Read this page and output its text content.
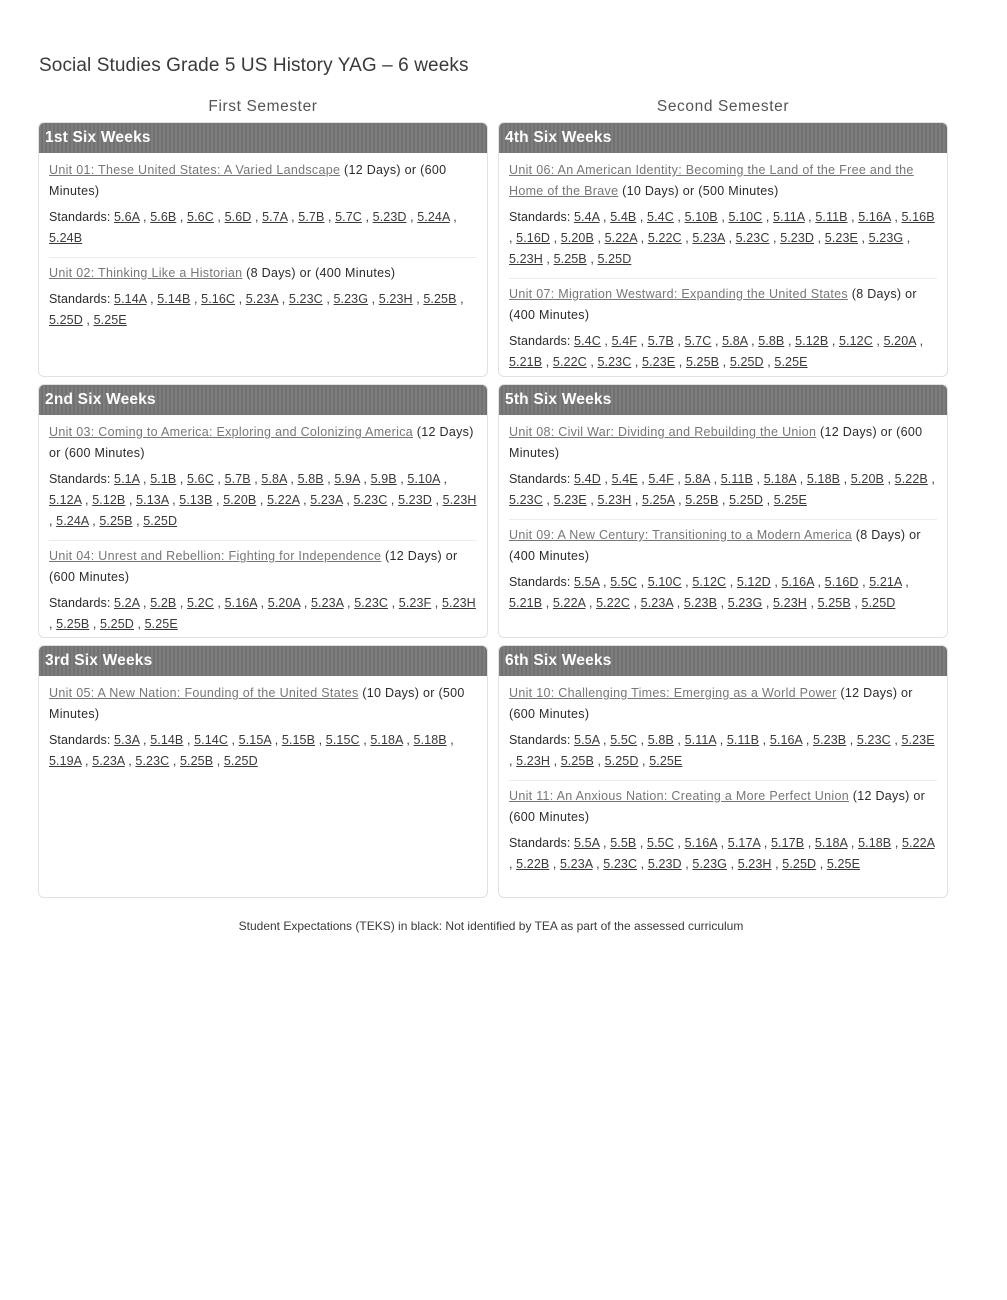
Social Studies Grade 5 US History YAG – 6 weeks
First Semester	Second Semester
1st Six Weeks
Unit 01: These United States: A Varied Landscape (12 Days) or (600 Minutes)
Standards: 5.6A , 5.6B , 5.6C , 5.6D , 5.7A , 5.7B , 5.7C , 5.23D , 5.24A , 5.24B
Unit 02: Thinking Like a Historian (8 Days) or (400 Minutes)
Standards: 5.14A , 5.14B , 5.16C , 5.23A , 5.23C , 5.23G , 5.23H , 5.25B , 5.25D , 5.25E
4th Six Weeks
Unit 06: An American Identity: Becoming the Land of the Free and the Home of the Brave (10 Days) or (500 Minutes)
Standards: 5.4A , 5.4B , 5.4C , 5.10B , 5.10C , 5.11A , 5.11B , 5.16A , 5.16B , 5.16D , 5.20B , 5.22A , 5.22C , 5.23A , 5.23C , 5.23D , 5.23E , 5.23G , 5.23H , 5.25B , 5.25D
Unit 07: Migration Westward: Expanding the United States (8 Days) or (400 Minutes)
Standards: 5.4C , 5.4F , 5.7B , 5.7C , 5.8A , 5.8B , 5.12B , 5.12C , 5.20A , 5.21B , 5.22C , 5.23C , 5.23E , 5.25B , 5.25D , 5.25E
2nd Six Weeks
Unit 03: Coming to America: Exploring and Colonizing America (12 Days) or (600 Minutes)
Standards: 5.1A , 5.1B , 5.6C , 5.7B , 5.8A , 5.8B , 5.9A , 5.9B , 5.10A , 5.12A , 5.12B , 5.13A , 5.13B , 5.20B , 5.22A , 5.23A , 5.23C , 5.23D , 5.23H , 5.24A , 5.25B , 5.25D
Unit 04: Unrest and Rebellion: Fighting for Independence (12 Days) or (600 Minutes)
Standards: 5.2A , 5.2B , 5.2C , 5.16A , 5.20A , 5.23A , 5.23C , 5.23F , 5.23H , 5.25B , 5.25D , 5.25E
5th Six Weeks
Unit 08: Civil War: Dividing and Rebuilding the Union (12 Days) or (600 Minutes)
Standards: 5.4D , 5.4E , 5.4F , 5.8A , 5.11B , 5.18A , 5.18B , 5.20B , 5.22B , 5.23C , 5.23E , 5.23H , 5.25A , 5.25B , 5.25D , 5.25E
Unit 09: A New Century: Transitioning to a Modern America (8 Days) or (400 Minutes)
Standards: 5.5A , 5.5C , 5.10C , 5.12C , 5.12D , 5.16A , 5.16D , 5.21A , 5.21B , 5.22A , 5.22C , 5.23A , 5.23B , 5.23G , 5.23H , 5.25B , 5.25D
3rd Six Weeks
Unit 05: A New Nation: Founding of the United States (10 Days) or (500 Minutes)
Standards: 5.3A , 5.14B , 5.14C , 5.15A , 5.15B , 5.15C , 5.18A , 5.18B , 5.19A , 5.23A , 5.23C , 5.25B , 5.25D
6th Six Weeks
Unit 10: Challenging Times: Emerging as a World Power (12 Days) or (600 Minutes)
Standards: 5.5A , 5.5C , 5.8B , 5.11A , 5.11B , 5.16A , 5.23B , 5.23C , 5.23E , 5.23H , 5.25B , 5.25D , 5.25E
Unit 11: An Anxious Nation: Creating a More Perfect Union (12 Days) or (600 Minutes)
Standards: 5.5A , 5.5B , 5.5C , 5.16A , 5.17A , 5.17B , 5.18A , 5.18B , 5.22A , 5.22B , 5.23A , 5.23C , 5.23D , 5.23G , 5.23H , 5.25D , 5.25E
Student Expectations (TEKS) in black: Not identified by TEA as part of the assessed curriculum
